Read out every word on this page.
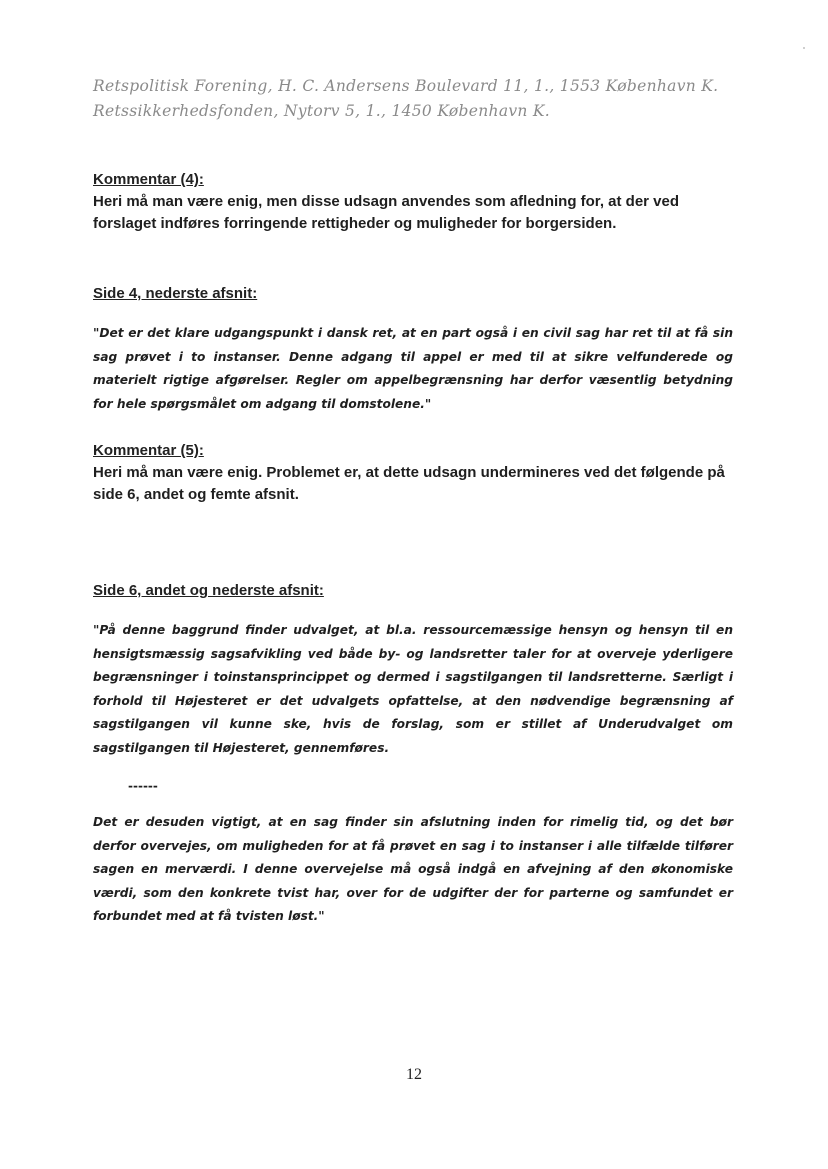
Retspolitisk Forening, H. C. Andersens Boulevard 11, 1., 1553 København K.
Retssikkerhedsfonden, Nytorv 5, 1., 1450 København K.
Kommentar (4):
Heri må man være enig, men disse udsagn anvendes som afledning for, at der ved forslaget indføres forringende rettigheder og muligheder for borgersiden.
Side 4, nederste afsnit:
"Det er det klare udgangspunkt i dansk ret, at en part også i en civil sag har ret til at få sin sag prøvet i to instanser. Denne adgang til appel er med til at sikre velfunderede og materielt rigtige afgørelser. Regler om appelbegrænsning har derfor væsentlig betydning for hele spørgsmålet om adgang til domstolene."
Kommentar (5):
Heri må man være enig. Problemet er, at dette udsagn undermineres ved det følgende på side 6, andet og femte afsnit.
Side 6, andet og nederste afsnit:
"På denne baggrund finder udvalget, at bl.a. ressourcemæssige hensyn og hensyn til en hensigtsmæssig sagsafvikling ved både by- og landsretter taler for at overveje yderligere begrænsninger i toinstansprincippet og dermed i sagstilgangen til landsretterne. Særligt i forhold til Højesteret er det udvalgets opfattelse, at den nødvendige begrænsning af sagstilgangen vil kunne ske, hvis de forslag, som er stillet af Underudvalget om sagstilgangen til Højesteret, gennemføres.
------
Det er desuden vigtigt, at en sag finder sin afslutning inden for rimelig tid, og det bør derfor overvejes, om muligheden for at få prøvet en sag i to instanser i alle tilfælde tilfører sagen en merværdi. I denne overvejelse må også indgå en afvejning af den økonomiske værdi, som den konkrete tvist har, over for de udgifter der for parterne og samfundet er forbundet med at få tvisten løst."
12
